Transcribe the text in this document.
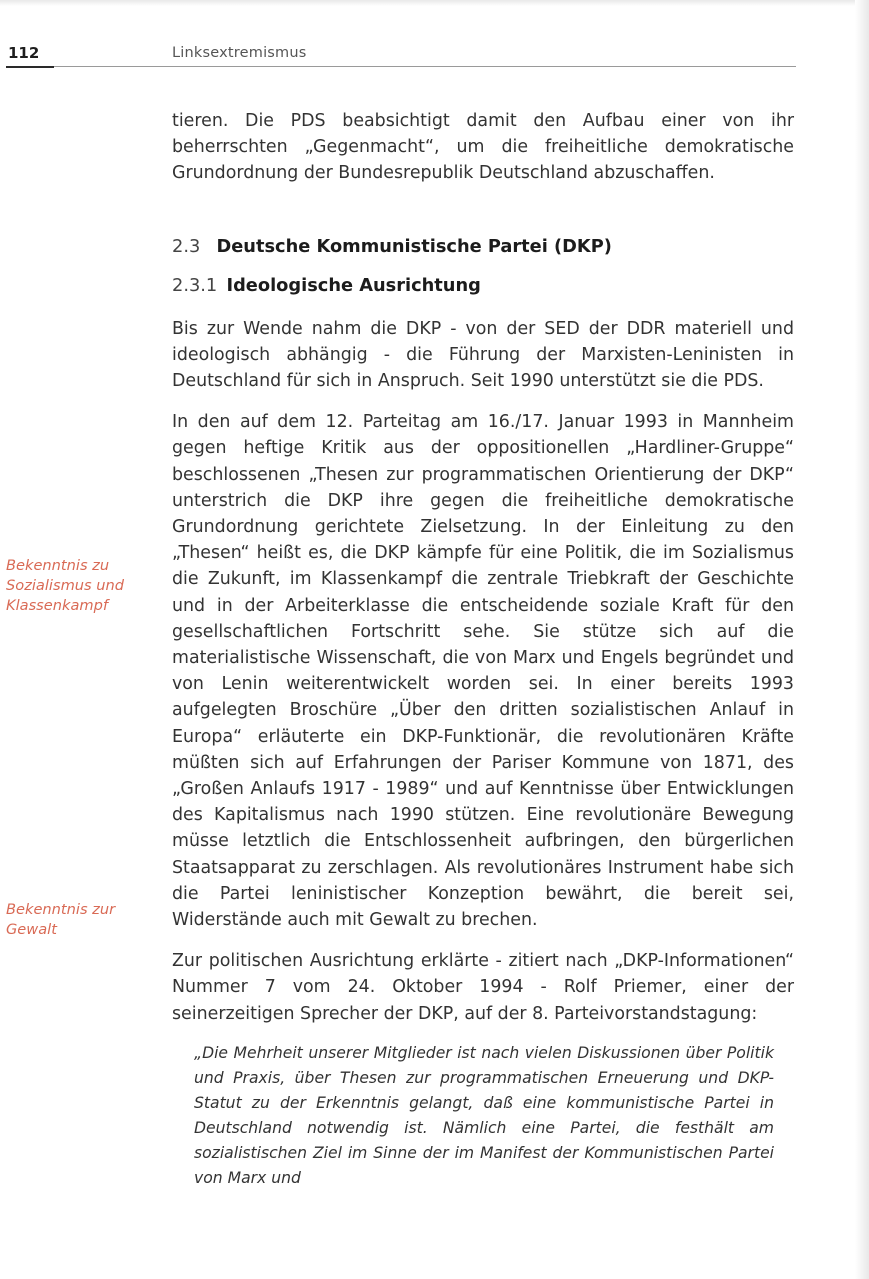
112	Linksextremismus
Bekenntnis zu Sozialismus und Klassenkampf
Bekenntnis zur Gewalt

tieren. Die PDS beabsichtigt damit den Aufbau einer von ihr beherrschten „Gegenmacht“, um die freiheitliche demokratische Grundordnung der Bundesrepublik Deutschland abzuschaffen.

2.3 Deutsche Kommunistische Partei (DKP)
2.3.1 Ideologische Ausrichtung

Bis zur Wende nahm die DKP - von der SED der DDR materiell und ideologisch abhängig - die Führung der Marxisten-Leninisten in Deutschland für sich in Anspruch. Seit 1990 unterstützt sie die PDS.

In den auf dem 12. Parteitag am 16./17. Januar 1993 in Mannheim gegen heftige Kritik aus der oppositionellen „Hardliner-Gruppe“ beschlossenen „Thesen zur programmatischen Orientierung der DKP“ unterstrich die DKP ihre gegen die freiheitliche demokratische Grundordnung gerichtete Zielsetzung. In der Einleitung zu den „Thesen“ heißt es, die DKP kämpfe für eine Politik, die im Sozialismus die Zukunft, im Klassenkampf die zentrale Triebkraft der Geschichte und in der Arbeiterklasse die entscheidende soziale Kraft für den gesellschaftlichen Fortschritt sehe. Sie stütze sich auf die materialistische Wissenschaft, die von Marx und Engels begründet und von Lenin weiterentwickelt worden sei. In einer bereits 1993 aufgelegten Broschüre „Über den dritten sozialistischen Anlauf in Europa“ erläuterte ein DKP-Funktionär, die revolutionären Kräfte müßten sich auf Erfahrungen der Pariser Kommune von 1871, des „Großen Anlaufs 1917 - 1989“ und auf Kenntnisse über Entwicklungen des Kapitalismus nach 1990 stützen. Eine revolutionäre Bewegung müsse letztlich die Entschlossenheit aufbringen, den bürgerlichen Staatsapparat zu zerschlagen. Als revolutionäres Instrument habe sich die Partei leninistischer Konzeption bewährt, die bereit sei, Widerstände auch mit Gewalt zu brechen.

Zur politischen Ausrichtung erklärte - zitiert nach „DKP-Informationen“ Nummer 7 vom 24. Oktober 1994 - Rolf Priemer, einer der seinerzeitigen Sprecher der DKP, auf der 8. Parteivorstandstagung:

„Die Mehrheit unserer Mitglieder ist nach vielen Diskussionen über Politik und Praxis, über Thesen zur programmatischen Erneuerung und DKP-Statut zu der Erkenntnis gelangt, daß eine kommunistische Partei in Deutschland notwendig ist. Nämlich eine Partei, die festhält am sozialistischen Ziel im Sinne der im Manifest der Kommunistischen Partei von Marx und
